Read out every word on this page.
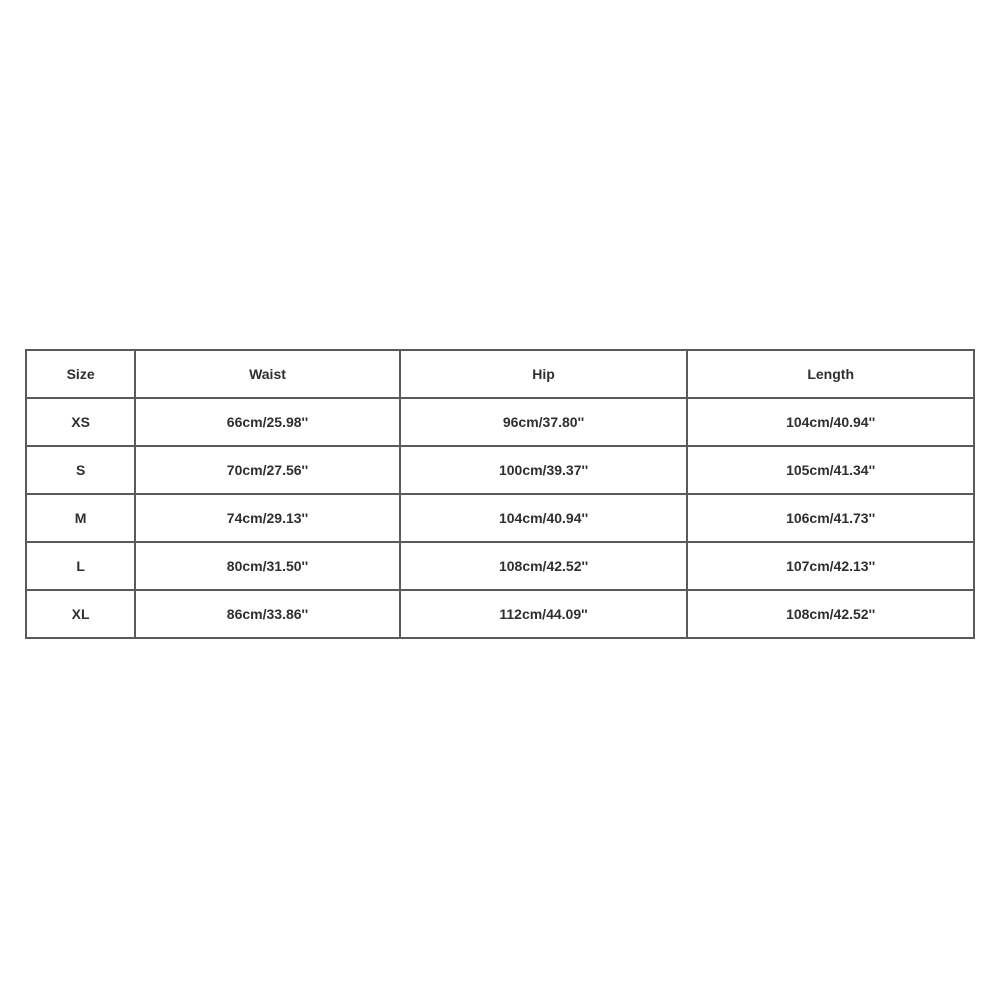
Size	Waist	Hip	Length
XS	66cm/25.98''	96cm/37.80''	104cm/40.94''
S	70cm/27.56''	100cm/39.37''	105cm/41.34''
M	74cm/29.13''	104cm/40.94''	106cm/41.73''
L	80cm/31.50''	108cm/42.52''	107cm/42.13''
XL	86cm/33.86''	112cm/44.09''	108cm/42.52''
